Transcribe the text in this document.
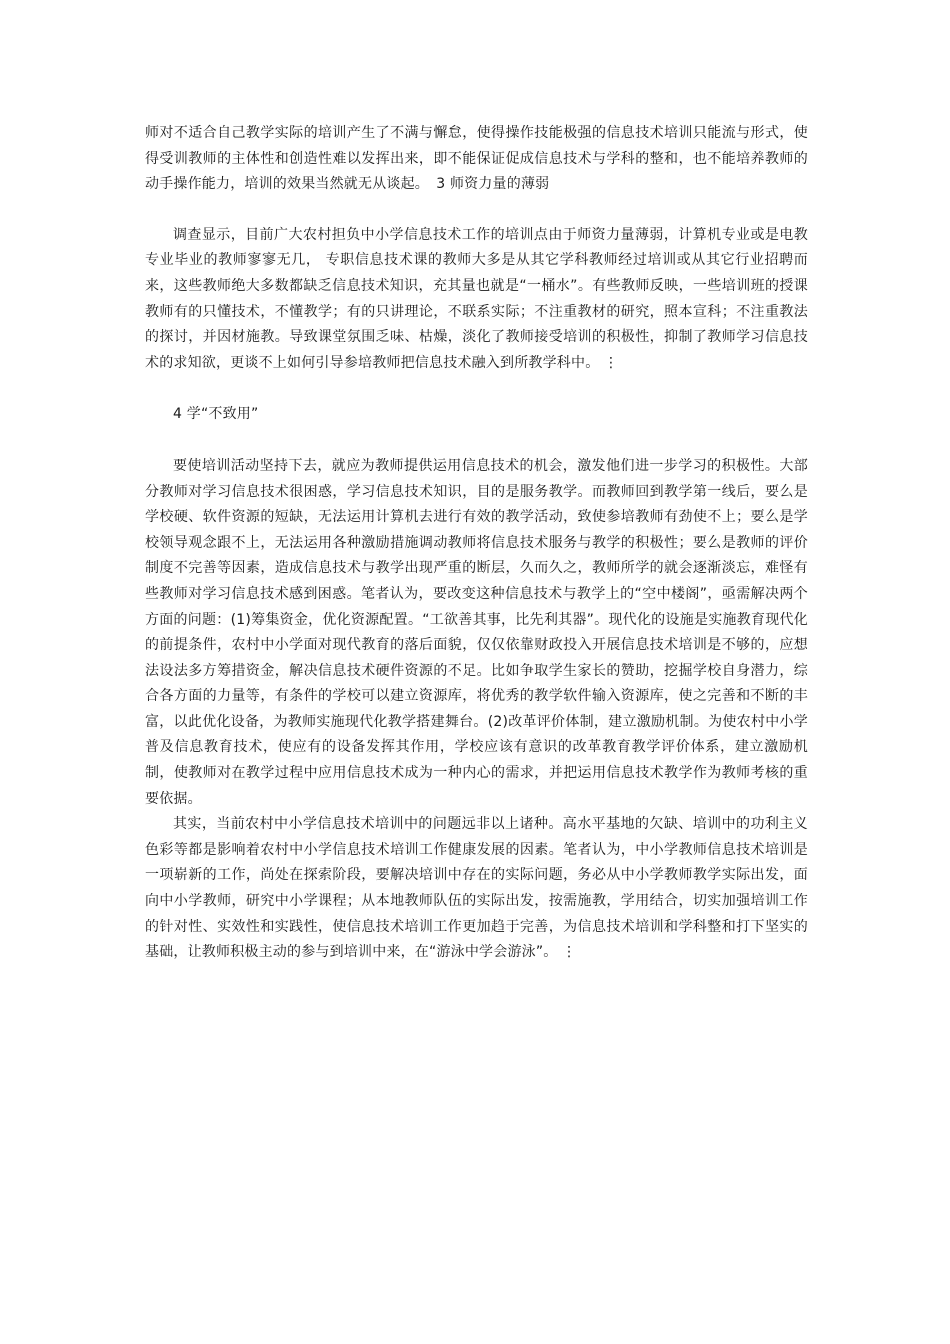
师对不适合自己教学实际的培训产生了不满与懈怠，使得操作技能极强的信息技术培训只能流与形式，使得受训教师的主体性和创造性难以发挥出来，即不能保证促成信息技术与学科的整和，也不能培养教师的动手操作能力，培训的效果当然就无从谈起。　3 师资力量的薄弱

调查显示，目前广大农村担负中小学信息技术工作的培训点由于师资力量薄弱，计算机专业或是电教专业毕业的教师寥寥无几， 专职信息技术课的教师大多是从其它学科教师经过培训或从其它行业招聘而来，这些教师绝大多数都缺乏信息技术知识，充其量也就是“一桶水”。有些教师反映，一些培训班的授课教师有的只懂技术，不懂教学；有的只讲理论，不联系实际；不注重教材的研究，照本宣科；不注重教法的探讨，并因材施教。导致课堂氛围乏味、枯燥，淡化了教师接受培训的积极性，抑制了教师学习信息技术的求知欲，更谈不上如何引导参培教师把信息技术融入到所教学科中。 ⋮

4 学“不致用”

要使培训活动坚持下去，就应为教师提供运用信息技术的机会，激发他们进一步学习的积极性。大部分教师对学习信息技术很困惑，学习信息技术知识，目的是服务教学。而教师回到教学第一线后，要么是学校硬、软件资源的短缺，无法运用计算机去进行有效的教学活动，致使参培教师有劲使不上；要么是学校领导观念跟不上，无法运用各种激励措施调动教师将信息技术服务与教学的积极性；要么是教师的评价制度不完善等因素，造成信息技术与教学出现严重的断层，久而久之，教师所学的就会逐渐淡忘，难怪有些教师对学习信息技术感到困惑。笔者认为，要改变这种信息技术与教学上的“空中楼阁”，亟需解决两个方面的问题：(1)筹集资金，优化资源配置。“工欲善其事，比先利其器”。现代化的设施是实施教育现代化的前提条件，农村中小学面对现代教育的落后面貌，仅仅依靠财政投入开展信息技术培训是不够的，应想法设法多方筹措资金，解决信息技术硬件资源的不足。比如争取学生家长的赞助，挖掘学校自身潜力，综合各方面的力量等，有条件的学校可以建立资源库，将优秀的教学软件输入资源库，使之完善和不断的丰富，以此优化设备，为教师实施现代化教学搭建舞台。(2)改革评价体制，建立激励机制。为使农村中小学普及信息教育技术，使应有的设备发挥其作用，学校应该有意识的改革教育教学评价体系，建立激励机制，使教师对在教学过程中应用信息技术成为一种内心的需求，并把运用信息技术教学作为教师考核的重要依据。

其实，当前农村中小学信息技术培训中的问题远非以上诸种。高水平基地的欠缺、培训中的功利主义色彩等都是影响着农村中小学信息技术培训工作健康发展的因素。笔者认为，中小学教师信息技术培训是一项崭新的工作，尚处在探索阶段，要解决培训中存在的实际问题，务必从中小学教师教学实际出发，面向中小学教师，研究中小学课程；从本地教师队伍的实际出发，按需施教，学用结合，切实加强培训工作的针对性、实效性和实践性，使信息技术培训工作更加趋于完善，为信息技术培训和学科整和打下坚实的基础，让教师积极主动的参与到培训中来，在“游泳中学会游泳”。 ⋮
